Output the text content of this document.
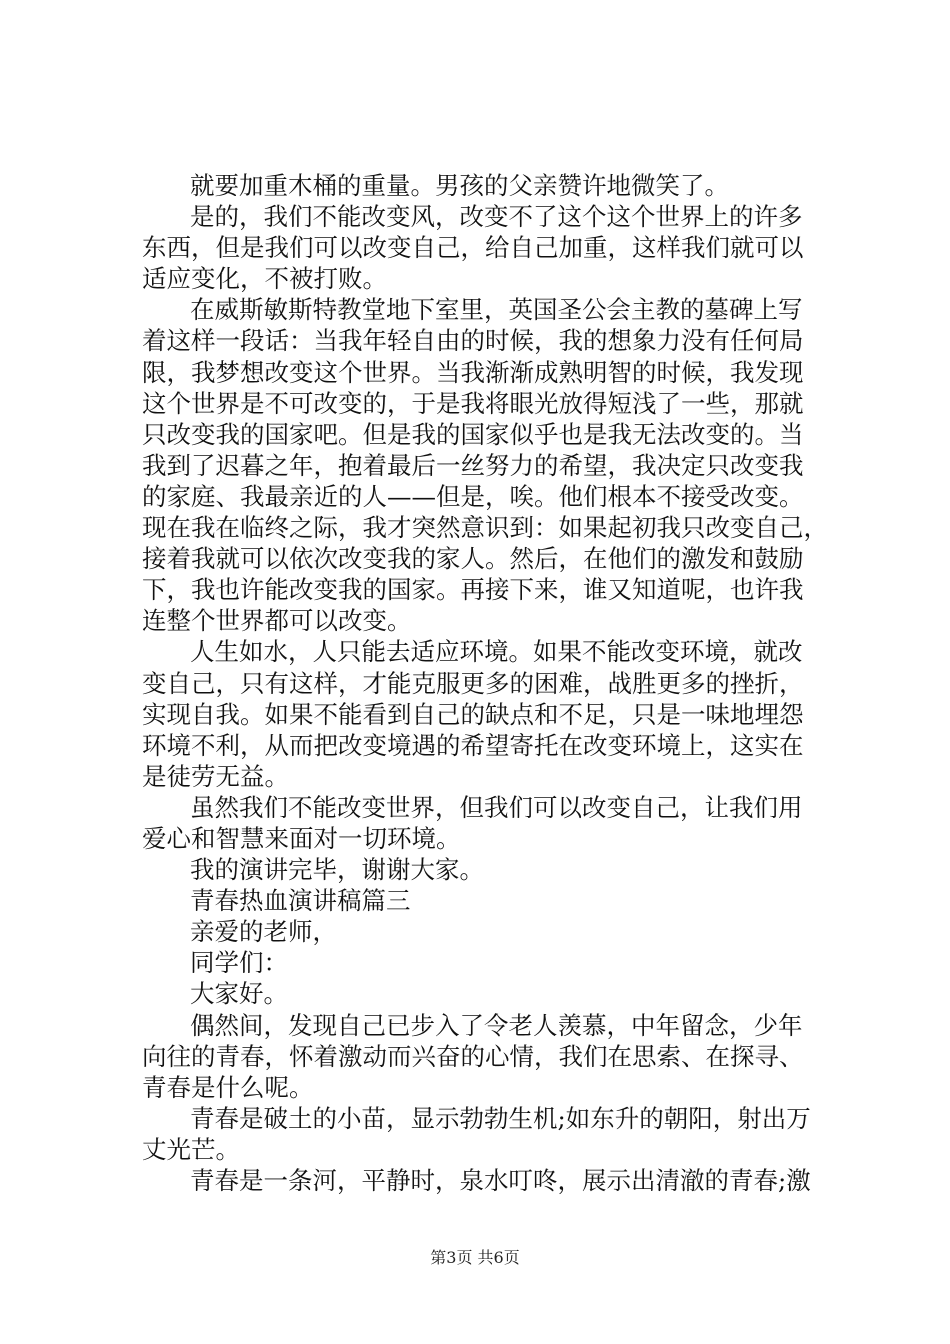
就要加重木桶的重量。男孩的父亲赞许地微笑了。
是的，我们不能改变风，改变不了这个这个世界上的许多
东西，但是我们可以改变自己，给自己加重，这样我们就可以
适应变化，不被打败。
在威斯敏斯特教堂地下室里，英国圣公会主教的墓碑上写
着这样一段话：当我年轻自由的时候，我的想象力没有任何局
限，我梦想改变这个世界。当我渐渐成熟明智的时候，我发现
这个世界是不可改变的，于是我将眼光放得短浅了一些，那就
只改变我的国家吧。但是我的国家似乎也是我无法改变的。当
我到了迟暮之年，抱着最后一丝努力的希望，我决定只改变我
的家庭、我最亲近的人——但是，唉。他们根本不接受改变。
现在我在临终之际，我才突然意识到：如果起初我只改变自己，
接着我就可以依次改变我的家人。然后，在他们的激发和鼓励
下，我也许能改变我的国家。再接下来，谁又知道呢，也许我
连整个世界都可以改变。
人生如水，人只能去适应环境。如果不能改变环境，就改
变自己，只有这样，才能克服更多的困难，战胜更多的挫折，
实现自我。如果不能看到自己的缺点和不足，只是一味地埋怨
环境不利，从而把改变境遇的希望寄托在改变环境上，这实在
是徒劳无益。
虽然我们不能改变世界，但我们可以改变自己，让我们用
爱心和智慧来面对一切环境。
我的演讲完毕，谢谢大家。
青春热血演讲稿篇三
亲爱的老师，
同学们：
大家好。
偶然间，发现自己已步入了令老人羡慕，中年留念，少年
向往的青春，怀着激动而兴奋的心情，我们在思索、在探寻、
青春是什么呢。
青春是破土的小苗，显示勃勃生机;如东升的朝阳，射出万
丈光芒。
青春是一条河，平静时，泉水叮咚，展示出清澈的青春;激
第3页 共6页
